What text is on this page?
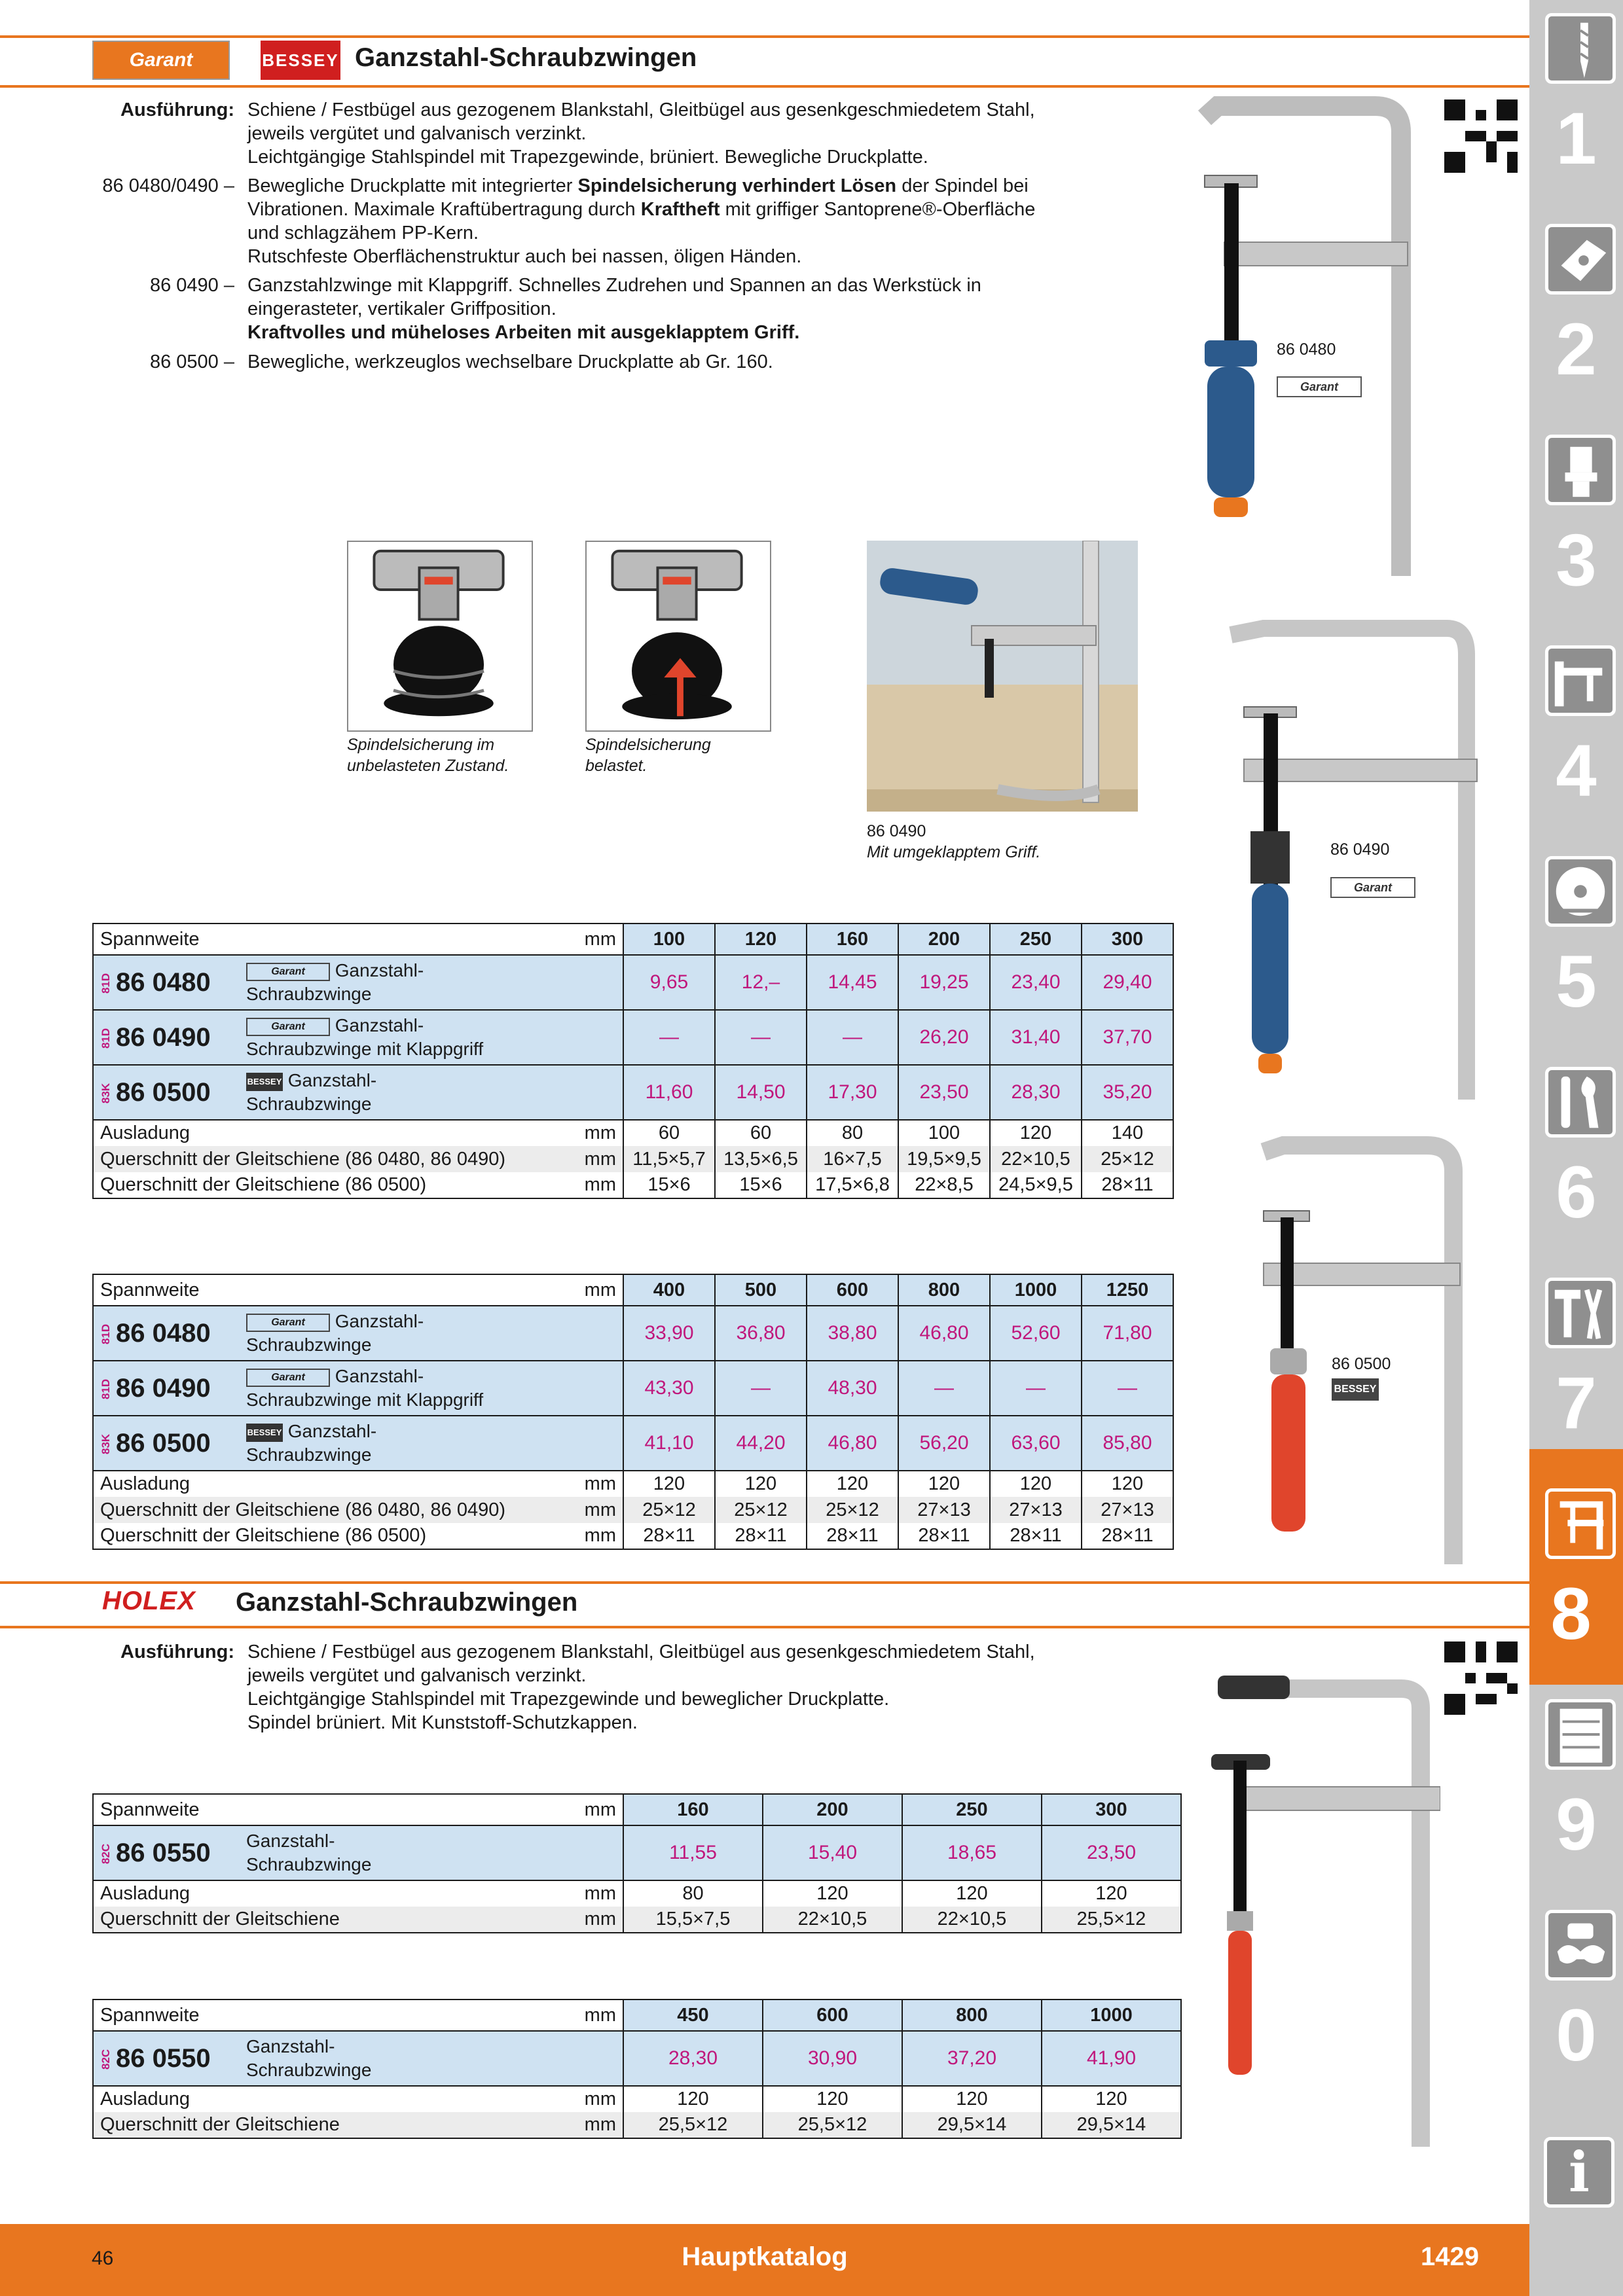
Garant	BESSEY Ganzstahl-Schraubzwingen
Ausführung: Schiene / Festbügel aus gezogenem Blankstahl, Gleitbügel aus gesenkgeschmiedetem Stahl,
jeweils vergütet und galvanisch verzinkt.
Leichtgängige Stahlspindel mit Trapezgewinde, brüniert. Bewegliche Druckplatte.

86 0480/0490 – Bewegliche Druckplatte mit integrierter Spindelsicherung verhindert Lösen der Spindel bei
Vibrationen. Maximale Kraftübertragung durch Kraftheft mit griffiger Santoprene®-Oberfläche
und schlagzähem PP-Kern.
Rutschfeste Oberflächenstruktur auch bei nassen, öligen Händen.

86 0490 – Ganzstahlzwinge mit Klappgriff. Schnelles Zudrehen und Spannen an das Werkstück in
eingerasteter, vertikaler Griffposition.
Kraftvolles und müheloses Arbeiten mit ausgeklapptem Griff.

86 0500 – Bewegliche, werkzeuglos wechselbare Druckplatte ab Gr. 160.

Spindelsicherung im
unbelasteten Zustand.
Spindelsicherung
belastet.
86 0490
Mit umgeklapptem Griff.
86 0480
Garant
86 0490
Garant
86 0500
BESSEY
Spannweite		mm	100	120	160	200	250	300
81D 86 0480	Garant Ganzstahl-
Schraubzwinge		9,65	12,–	14,45	19,25	23,40	29,40
81D 86 0490	Garant Ganzstahl-
Schraubzwinge mit Klappgriff		—	—	—	26,20	31,40	37,70
83K 86 0500	BESSEY Ganzstahl-
Schraubzwinge		11,60	14,50	17,30	23,50	28,30	35,20
Ausladung		mm	60	60	80	100	120	140
Querschnitt der Gleitschiene (86 0480, 86 0490)		mm	11,5×5,7	13,5×6,5	16×7,5	19,5×9,5	22×10,5	25×12
Querschnitt der Gleitschiene (86 0500)		mm	15×6	15×6	17,5×6,8	22×8,5	24,5×9,5	28×11
Spannweite		mm	400	500	600	800	1000	1250
81D 86 0480	Garant Ganzstahl-
Schraubzwinge		33,90	36,80	38,80	46,80	52,60	71,80
81D 86 0490	Garant Ganzstahl-
Schraubzwinge mit Klappgriff		43,30	—	48,30	—	—	—
83K 86 0500	BESSEY Ganzstahl-
Schraubzwinge		41,10	44,20	46,80	56,20	63,60	85,80
Ausladung		mm	120	120	120	120	120	120
Querschnitt der Gleitschiene (86 0480, 86 0490)		mm	25×12	25×12	25×12	27×13	27×13	27×13
Querschnitt der Gleitschiene (86 0500)		mm	28×11	28×11	28×11	28×11	28×11	28×11
HOLEX Ganzstahl-Schraubzwingen
Ausführung: Schiene / Festbügel aus gezogenem Blankstahl, Gleitbügel aus gesenkgeschmiedetem Stahl,
jeweils vergütet und galvanisch verzinkt.
Leichtgängige Stahlspindel mit Trapezgewinde und beweglicher Druckplatte.
Spindel brüniert. Mit Kunststoff-Schutzkappen.

Spannweite		mm	160	200	250	300
82C 86 0550	Ganzstahl-
Schraubzwinge		11,55	15,40	18,65	23,50
Ausladung		mm	80	120	120	120
Querschnitt der Gleitschiene		mm	15,5×7,5	22×10,5	22×10,5	25,5×12
Spannweite		mm	450	600	800	1000
82C 86 0550	Ganzstahl-
Schraubzwinge		28,30	30,90	37,20	41,90
Ausladung		mm	120	120	120	120
Querschnitt der Gleitschiene		mm	25,5×12	25,5×12	29,5×14	29,5×14
1
2
3
4
5
6
7
8
9
0
i
46	Hauptkatalog	1429
